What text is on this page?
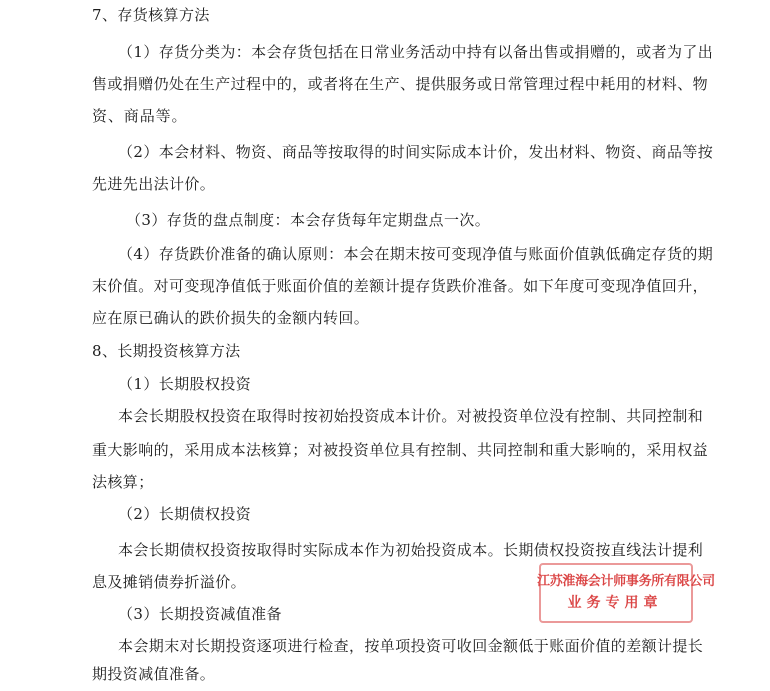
7、存货核算方法
（1）存货分类为：本会存货包括在日常业务活动中持有以备出售或捐赠的，或者为了出
售或捐赠仍处在生产过程中的，或者将在生产、提供服务或日常管理过程中耗用的材料、物
资、商品等。
（2）本会材料、物资、商品等按取得的时间实际成本计价，发出材料、物资、商品等按
先进先出法计价。
（3）存货的盘点制度：本会存货每年定期盘点一次。
（4）存货跌价准备的确认原则：本会在期末按可变现净值与账面价值孰低确定存货的期
末价值。对可变现净值低于账面价值的差额计提存货跌价准备。如下年度可变现净值回升，
应在原已确认的跌价损失的金额内转回。
8、长期投资核算方法
（1）长期股权投资
本会长期股权投资在取得时按初始投资成本计价。对被投资单位没有控制、共同控制和
重大影响的，采用成本法核算；对被投资单位具有控制、共同控制和重大影响的，采用权益
法核算；
（2）长期债权投资
本会长期债权投资按取得时实际成本作为初始投资成本。长期债权投资按直线法计提利
息及摊销债券折溢价。
（3）长期投资减值准备
本会期末对长期投资逐项进行检查，按单项投资可收回金额低于账面价值的差额计提长
期投资减值准备。
江苏淮海会计师事务所有限公司
业务专用章
